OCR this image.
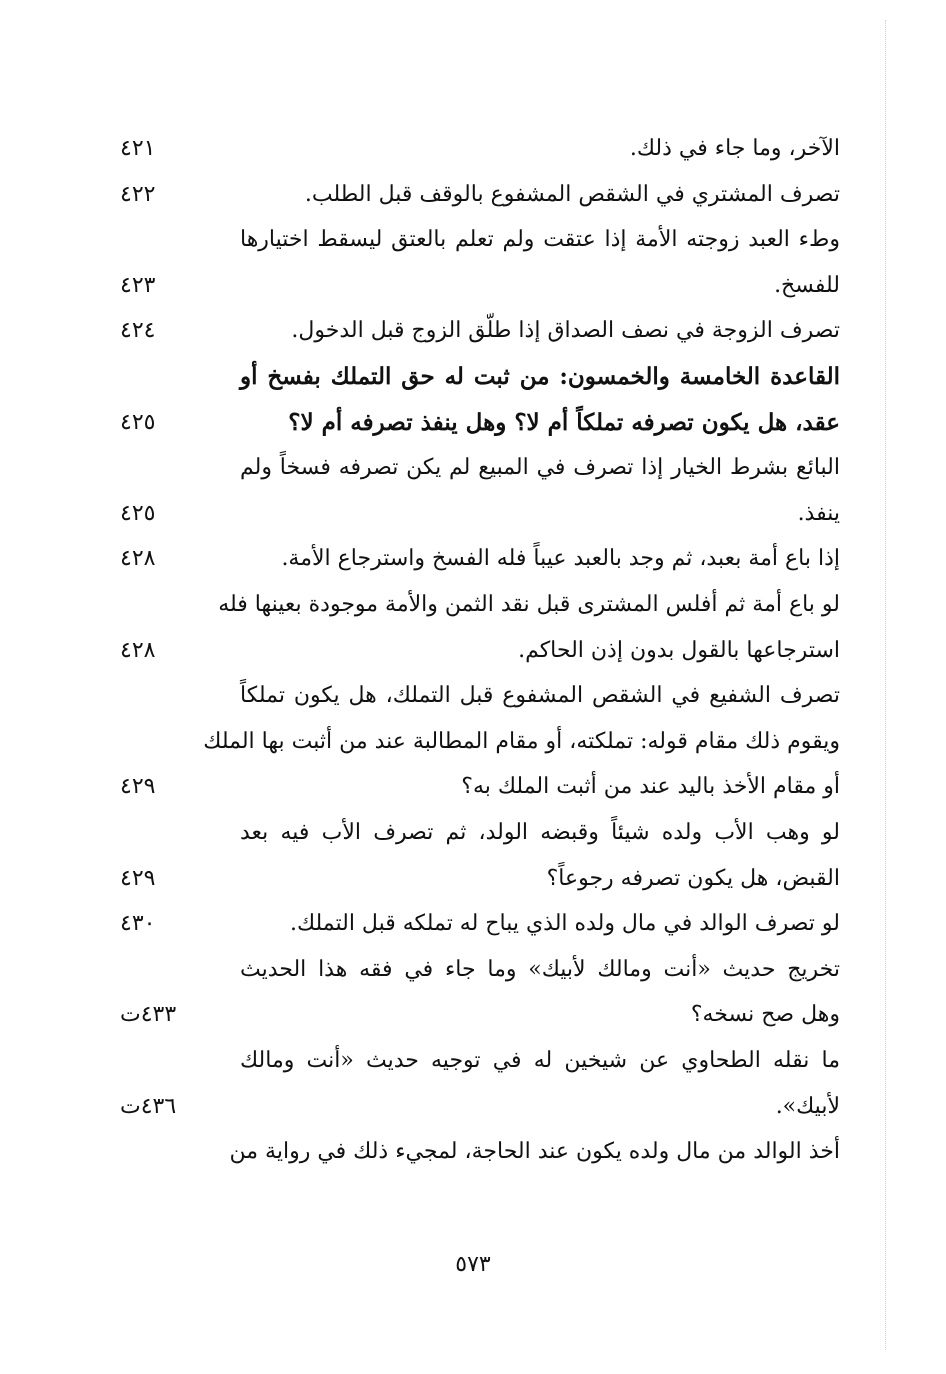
الآخر، وما جاء في ذلك.
٤٢١
تصرف المشتري في الشقص المشفوع بالوقف قبل الطلب.
٤٢٢
وطء العبد زوجته الأمة إذا عتقت ولم تعلم بالعتق ليسقط اختيارها
للفسخ.
٤٢٣
تصرف الزوجة في نصف الصداق إذا طلّق الزوج قبل الدخول.
٤٢٤
القاعدة الخامسة والخمسون: من ثبت له حق التملك بفسخ أو
عقد، هل يكون تصرفه تملكاً أم لا؟ وهل ينفذ تصرفه أم لا؟
٤٢٥
البائع بشرط الخيار إذا تصرف في المبيع لم يكن تصرفه فسخاً ولم
ينفذ.
٤٢٥
إذا باع أمة بعبد، ثم وجد بالعبد عيباً فله الفسخ واسترجاع الأمة.
٤٢٨
لو باع أمة ثم أفلس المشترى قبل نقد الثمن والأمة موجودة بعينها فله
استرجاعها بالقول بدون إذن الحاكم.
٤٢٨
تصرف الشفيع في الشقص المشفوع قبل التملك، هل يكون تملكاً
ويقوم ذلك مقام قوله: تملكته، أو مقام المطالبة عند من أثبت بها الملك
أو مقام الأخذ باليد عند من أثبت الملك به؟
٤٢٩
لو وهب الأب ولده شيئاً وقبضه الولد، ثم تصرف الأب فيه بعد
القبض، هل يكون تصرفه رجوعاً؟
٤٢٩
لو تصرف الوالد في مال ولده الذي يباح له تملكه قبل التملك.
٤٣٠
تخريج حديث «أنت ومالك لأبيك» وما جاء في فقه هذا الحديث
وهل صح نسخه؟
٤٣٣ت
ما نقله الطحاوي عن شيخين له في توجيه حديث «أنت ومالك
لأبيك».
٤٣٦ت
أخذ الوالد من مال ولده يكون عند الحاجة، لمجيء ذلك في رواية من
٥٧٣
